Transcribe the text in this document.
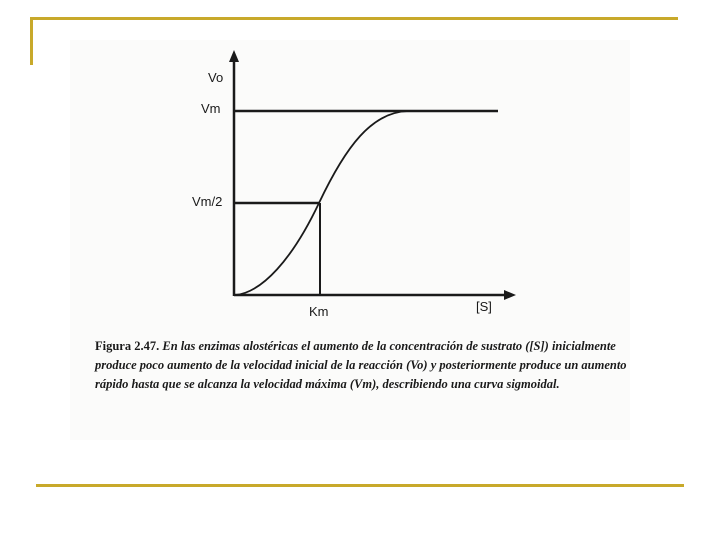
Vo
Vm
Vm/2
Km	[S]
Figura 2.47. En las enzimas alostéricas el aumento de la concentración de sustrato ([S]) inicialmente produce poco aumento de la velocidad inicial de la reacción (Vo) y posteriormente produce un aumento rápido hasta que se alcanza la velocidad máxima (Vm), describiendo una curva sigmoidal.
